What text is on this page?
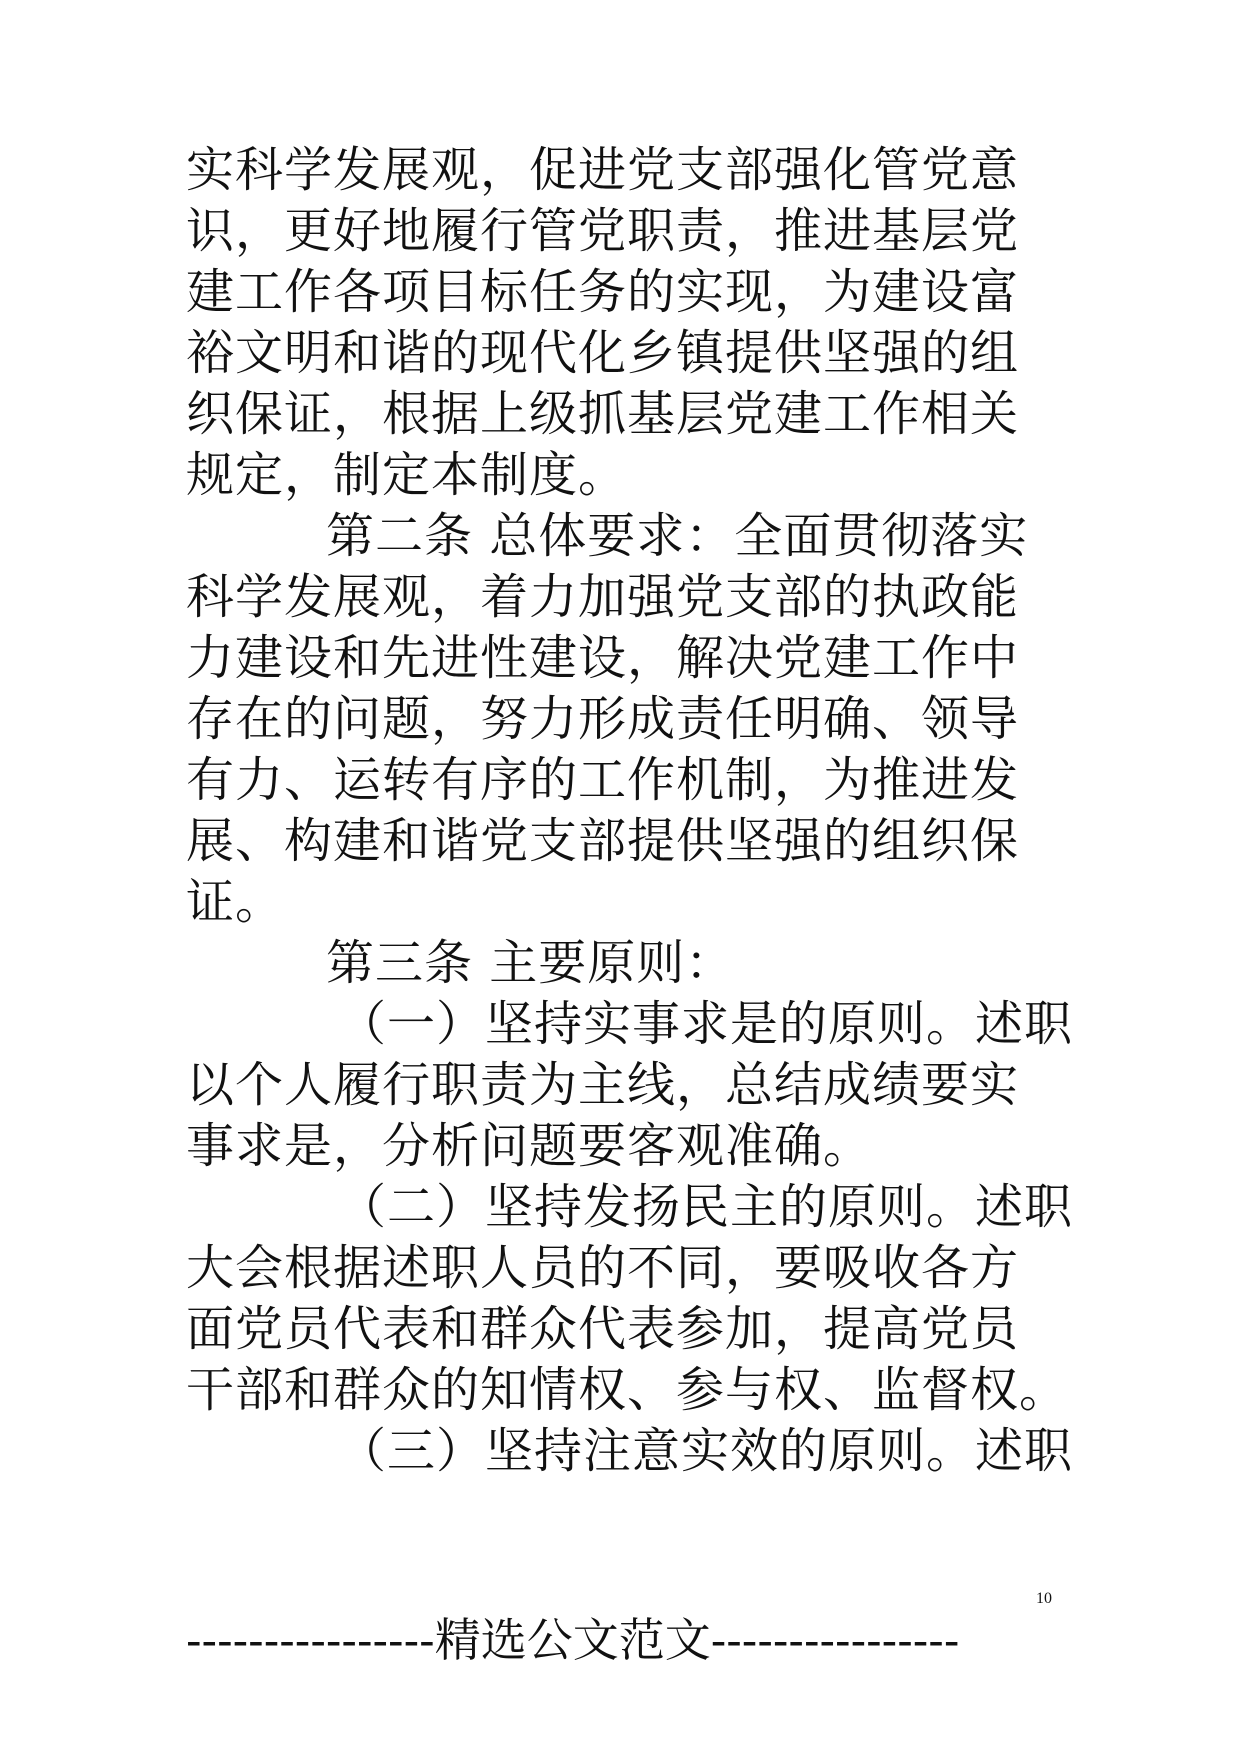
实科学发展观，促进党支部强化管党意
识，更好地履行管党职责，推进基层党
建工作各项目标任务的实现，为建设富
裕文明和谐的现代化乡镇提供坚强的组
织保证，根据上级抓基层党建工作相关
规定，制定本制度。
第二条 总体要求：全面贯彻落实
科学发展观，着力加强党支部的执政能
力建设和先进性建设，解决党建工作中
存在的问题，努力形成责任明确、领导
有力、运转有序的工作机制，为推进发
展、构建和谐党支部提供坚强的组织保
证。
第三条 主要原则：
（一）坚持实事求是的原则。述职
以个人履行职责为主线，总结成绩要实
事求是，分析问题要客观准确。
（二）坚持发扬民主的原则。述职
大会根据述职人员的不同，要吸收各方
面党员代表和群众代表参加，提高党员
干部和群众的知情权、参与权、监督权。
（三）坚持注意实效的原则。述职
10
----------------精选公文范文----------------
